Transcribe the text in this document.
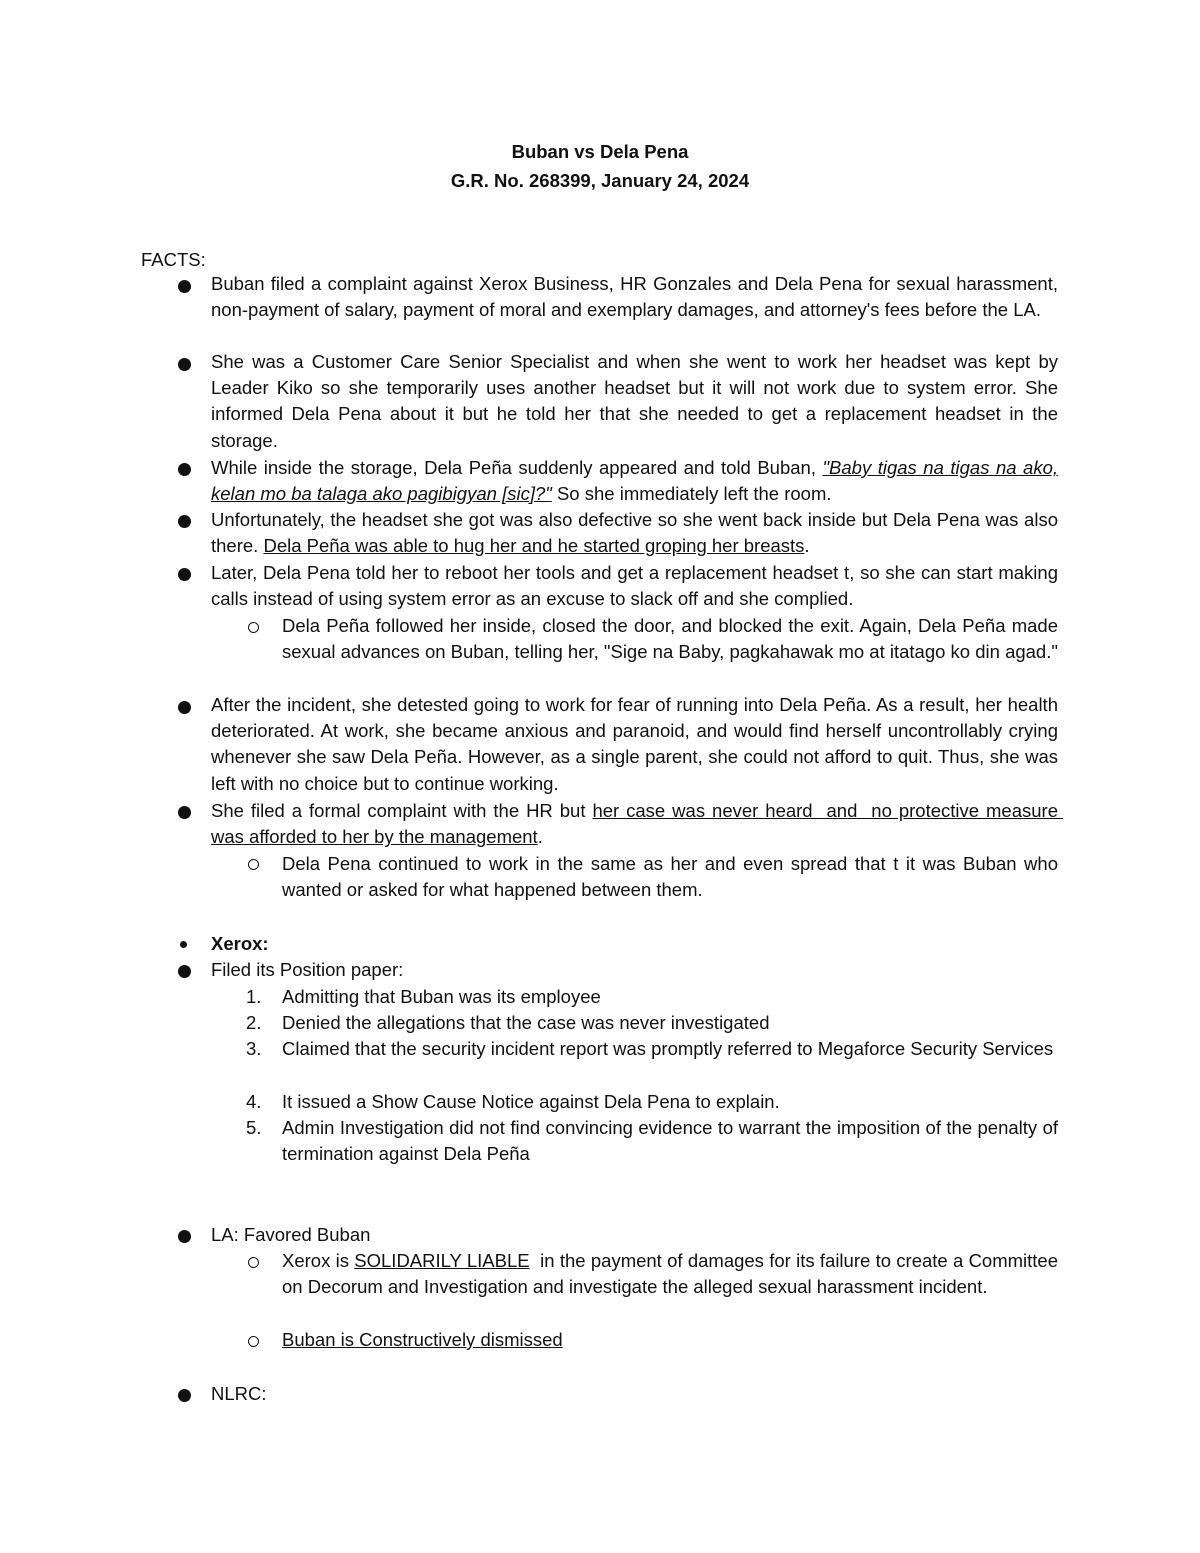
Buban vs Dela Pena
G.R. No. 268399, January 24, 2024
FACTS:
Buban filed a complaint against Xerox Business, HR Gonzales and Dela Pena for sexual harassment, non-payment of salary, payment of moral and exemplary damages, and attorney's fees before the LA.
She was a Customer Care Senior Specialist and when she went to work her headset was kept by Leader Kiko so she temporarily uses another headset but it will not work due to system error. She informed Dela Pena about it but he told her that she needed to get a replacement headset in the storage.
While inside the storage, Dela Peña suddenly appeared and told Buban, "Baby tigas na tigas na ako, kelan mo ba talaga ako pagibigyan [sic]?" So she immediately left the room.
Unfortunately, the headset she got was also defective so she went back inside but Dela Pena was also there. Dela Peña was able to hug her and he started groping her breasts.
Later, Dela Pena told her to reboot her tools and get a replacement headset t, so she can start making calls instead of using system error as an excuse to slack off and she complied.
Dela Peña followed her inside, closed the door, and blocked the exit. Again, Dela Peña made sexual advances on Buban, telling her, "Sige na Baby, pagkahawak mo at itatago ko din agad."
After the incident, she detested going to work for fear of running into Dela Peña. As a result, her health deteriorated. At work, she became anxious and paranoid, and would find herself uncontrollably crying whenever she saw Dela Peña. However, as a single parent, she could not afford to quit. Thus, she was left with no choice but to continue working.
She filed a formal complaint with the HR but her case was never heard  and  no protective measure was afforded to her by the management.
Dela Pena continued to work in the same as her and even spread that t it was Buban who wanted or asked for what happened between them.
Xerox:
Filed its Position paper:
1. Admitting that Buban was its employee
2. Denied the allegations that the case was never investigated
3. Claimed that the security incident report was promptly referred to Megaforce Security Services
4. It issued a Show Cause Notice against Dela Pena to explain.
5. Admin Investigation did not find convincing evidence to warrant the imposition of the penalty of termination against Dela Peña
LA: Favored Buban
Xerox is SOLIDARILY LIABLE  in the payment of damages for its failure to create a Committee on Decorum and Investigation and investigate the alleged sexual harassment incident.
Buban is Constructively dismissed
NLRC:
